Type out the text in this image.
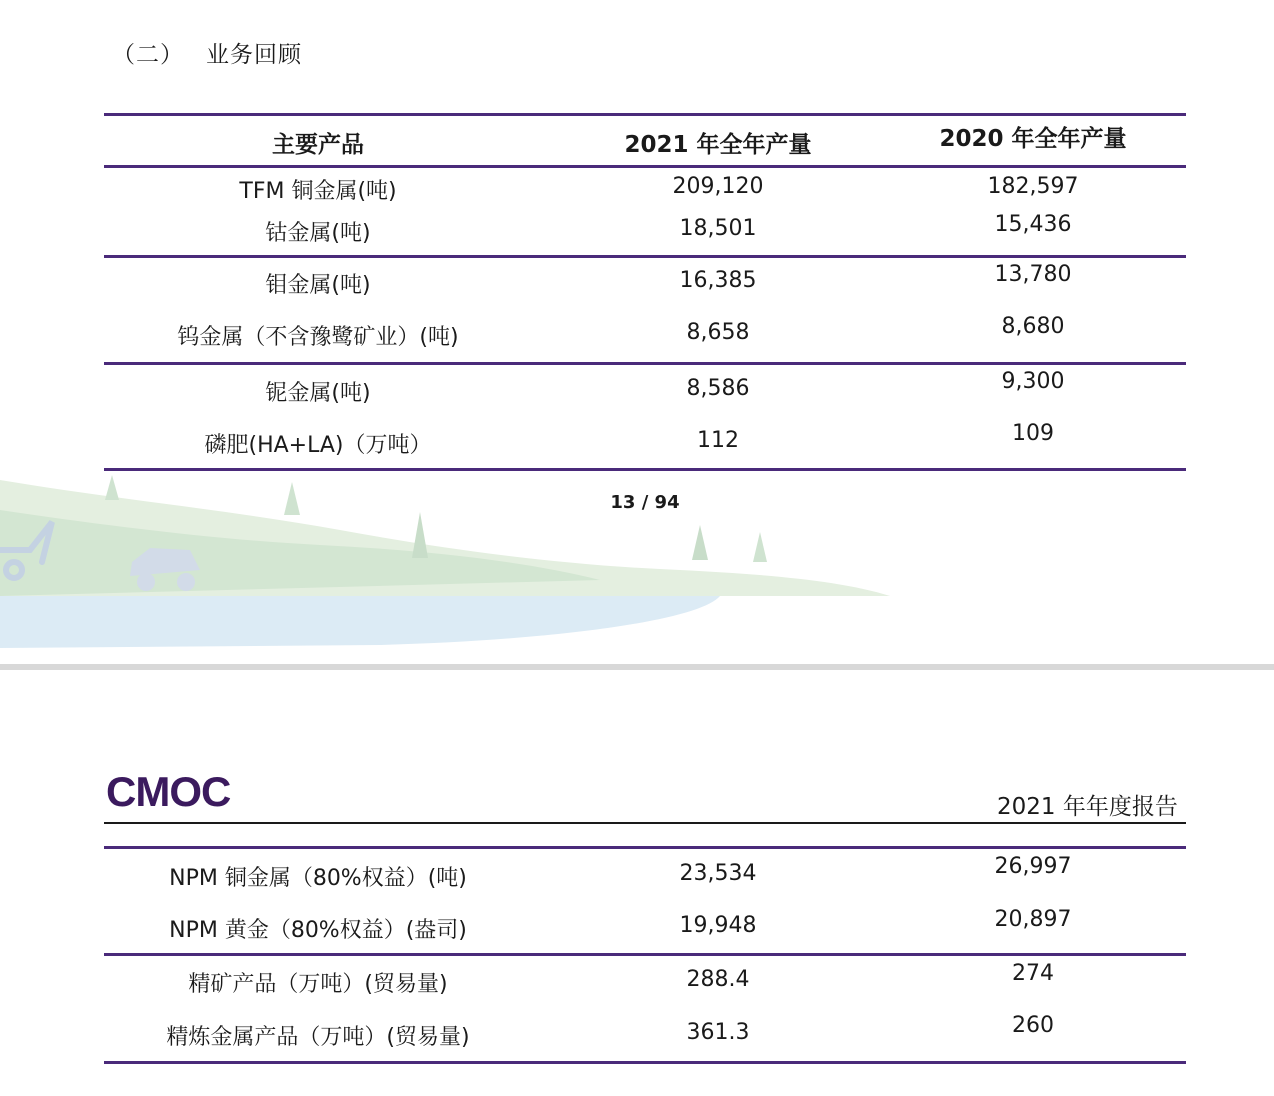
（二） 业务回顾
主要产品	2021 年全年产量	2020 年全年产量
TFM 铜金属(吨)	209,120	182,597
钴金属(吨)	18,501	15,436
钼金属(吨)	16,385	13,780
钨金属（不含豫鹭矿业）(吨)	8,658	8,680
铌金属(吨)	8,586	9,300
磷肥(HA+LA)（万吨）	112	109
13 / 94
CMOC	2021 年年度报告
NPM 铜金属（80%权益）(吨)	23,534	26,997
NPM 黄金（80%权益）(盎司)	19,948	20,897
精矿产品（万吨）(贸易量)	288.4	274
精炼金属产品（万吨）(贸易量)	361.3	260
